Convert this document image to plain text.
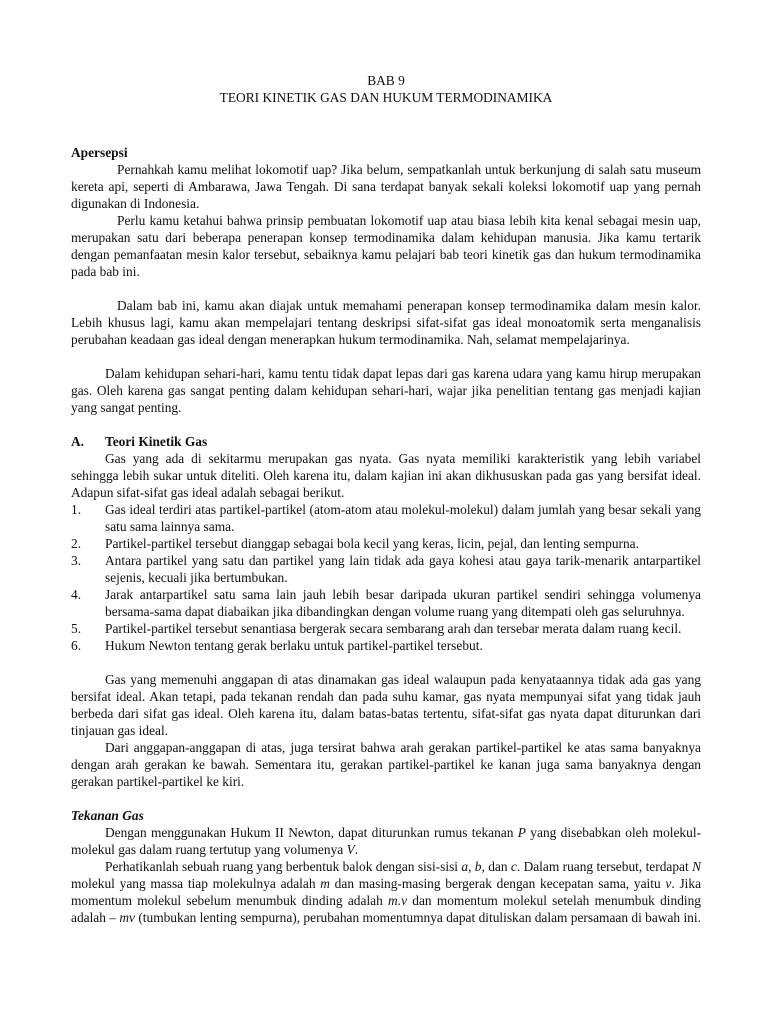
BAB 9

TEORI KINETIK GAS DAN HUKUM TERMODINAMIKA

Apersepsi

Pernahkah kamu melihat lokomotif uap? Jika belum, sempatkanlah untuk berkunjung di salah satu museum kereta api, seperti di Ambarawa, Jawa Tengah. Di sana terdapat banyak sekali koleksi lokomotif uap yang pernah digunakan di Indonesia.

Perlu kamu ketahui bahwa prinsip pembuatan lokomotif uap atau biasa lebih kita kenal sebagai mesin uap, merupakan satu dari beberapa penerapan konsep termodinamika dalam kehidupan manusia. Jika kamu tertarik dengan pemanfaatan mesin kalor tersebut, sebaiknya kamu pelajari bab teori kinetik gas dan hukum termodinamika pada bab ini.

Dalam bab ini, kamu akan diajak untuk memahami penerapan konsep termodinamika dalam mesin kalor. Lebih khusus lagi, kamu akan mempelajari tentang deskripsi sifat-sifat gas ideal monoatomik serta menganalisis perubahan keadaan gas ideal dengan menerapkan hukum termodinamika. Nah, selamat mempelajarinya.

Dalam kehidupan sehari-hari, kamu tentu tidak dapat lepas dari gas karena udara yang kamu hirup merupakan gas. Oleh karena gas sangat penting dalam kehidupan sehari-hari, wajar jika penelitian tentang gas menjadi kajian yang sangat penting.

A.	Teori Kinetik Gas

Gas yang ada di sekitarmu merupakan gas nyata. Gas nyata memiliki karakteristik yang lebih variabel sehingga lebih sukar untuk diteliti. Oleh karena itu, dalam kajian ini akan dikhususkan pada gas yang bersifat ideal. Adapun sifat-sifat gas ideal adalah sebagai berikut.

1.	Gas ideal terdiri atas partikel-partikel (atom-atom atau molekul-molekul) dalam jumlah yang besar sekali yang satu sama lainnya sama.
2.	Partikel-partikel tersebut dianggap sebagai bola kecil yang keras, licin, pejal, dan lenting sempurna.
3.	Antara partikel yang satu dan partikel yang lain tidak ada gaya kohesi atau gaya tarik-menarik antarpartikel sejenis, kecuali jika bertumbukan.
4.	Jarak antarpartikel satu sama lain jauh lebih besar daripada ukuran partikel sendiri sehingga volumenya bersama-sama dapat diabaikan jika dibandingkan dengan volume ruang yang ditempati oleh gas seluruhnya.
5.	Partikel-partikel tersebut senantiasa bergerak secara sembarang arah dan tersebar merata dalam ruang kecil.
6.	Hukum Newton tentang gerak berlaku untuk partikel-partikel tersebut.

Gas yang memenuhi anggapan di atas dinamakan gas ideal walaupun pada kenyataannya tidak ada gas yang bersifat ideal. Akan tetapi, pada tekanan rendah dan pada suhu kamar, gas nyata mempunyai sifat yang tidak jauh berbeda dari sifat gas ideal. Oleh karena itu, dalam batas-batas tertentu, sifat-sifat gas nyata dapat diturunkan dari tinjauan gas ideal.

Dari anggapan-anggapan di atas, juga tersirat bahwa arah gerakan partikel-partikel ke atas sama banyaknya dengan arah gerakan ke bawah. Sementara itu, gerakan partikel-partikel ke kanan juga sama banyaknya dengan gerakan partikel-partikel ke kiri.

Tekanan Gas

Dengan menggunakan Hukum II Newton, dapat diturunkan rumus tekanan P yang disebabkan oleh molekul-molekul gas dalam ruang tertutup yang volumenya V.

Perhatikanlah sebuah ruang yang berbentuk balok dengan sisi-sisi a, b, dan c. Dalam ruang tersebut, terdapat N molekul yang massa tiap molekulnya adalah m dan masing-masing bergerak dengan kecepatan sama, yaitu v. Jika momentum molekul sebelum menumbuk dinding adalah m.v dan momentum molekul setelah menumbuk dinding adalah – mv (tumbukan lenting sempurna), perubahan momentumnya dapat dituliskan dalam persamaan di bawah ini.
